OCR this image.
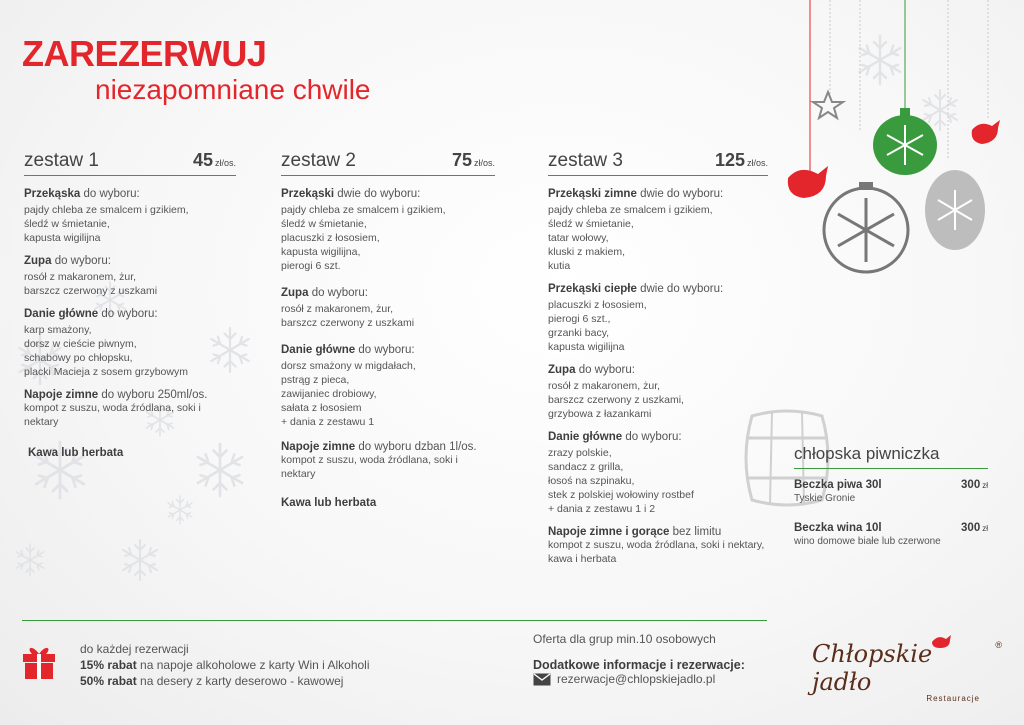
ZAREZERWUJ
niezapomniane chwile
zestaw 1	45 zł/os.
Przekąska do wyboru:
pajdy chleba ze smalcem i gzikiem,
śledź w śmietanie,
kapusta wigilijna
Zupa do wyboru:
rosół z makaronem, żur,
barszcz czerwony z uszkami
Danie główne do wyboru:
karp smażony,
dorsz w cieście piwnym,
schabowy po chłopsku,
placki Macieja z sosem grzybowym
Napoje zimne do wyboru 250ml/os.
kompot z suszu, woda źródlana, soki i nektary
Kawa lub herbata
zestaw 2	75 zł/os.
Przekąski dwie do wyboru:
pajdy chleba ze smalcem i gzikiem,
śledź w śmietanie,
placuszki z łososiem,
kapusta wigilijna,
pierogi 6 szt.
Zupa do wyboru:
rosół z makaronem, żur,
barszcz czerwony z uszkami
Danie główne do wyboru:
dorsz smażony w migdałach,
pstrąg z pieca,
zawijaniec drobiowy,
sałata z łososiem
+ dania z zestawu 1
Napoje zimne do wyboru dzban 1l/os.
kompot z suszu, woda źródlana, soki i nektary
Kawa lub herbata
zestaw 3	125 zł/os.
Przekąski zimne dwie do wyboru:
pajdy chleba ze smalcem i gzikiem,
śledź w śmietanie,
tatar wołowy,
kluski z makiem,
kutia
Przekąski ciepłe dwie do wyboru:
placuszki z łososiem,
pierogi 6 szt.,
grzanki bacy,
kapusta wigilijna
Zupa do wyboru:
rosół z makaronem, żur,
barszcz czerwony z uszkami,
grzybowa z łazankami
Danie główne do wyboru:
zrazy polskie,
sandacz z grilla,
łosoś na szpinaku,
stek z polskiej wołowiny rostbef
+ dania z zestawu 1 i 2
Napoje zimne i gorące bez limitu
kompot z suszu, woda źródlana, soki i nektary,
kawa i herbata
chłopska piwniczka
Beczka piwa 30l	300 zł
Tyskie Gronie
Beczka wina 10l	300 zł
wino domowe białe lub czerwone
do każdej rezerwacji
15% rabat na napoje alkoholowe z karty Win i Alkoholi
50% rabat na desery z karty deserowo - kawowej
Oferta dla grup min.10 osobowych
Dodatkowe informacje i rezerwacje:
rezerwacje@chlopskiejadlo.pl
Chłopskie jadło
®
Restauracje
